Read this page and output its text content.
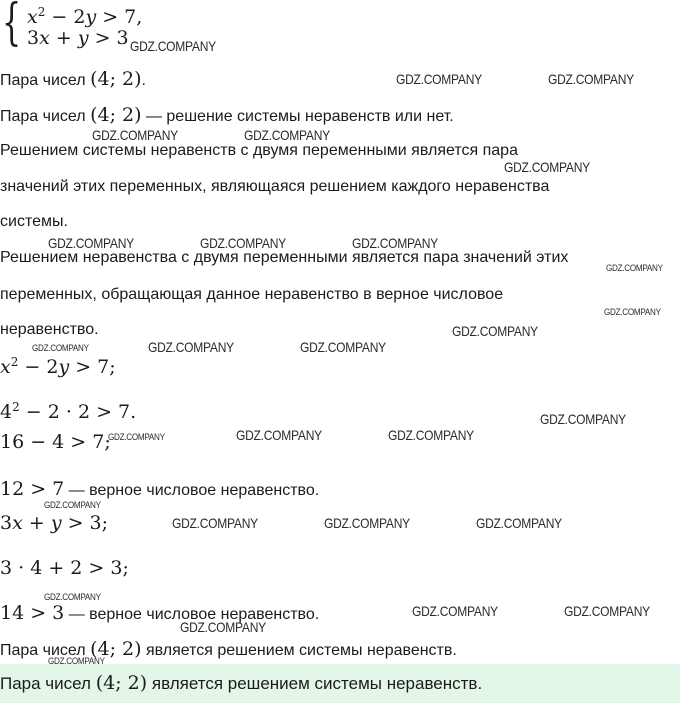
{ $x^2 - 2y > 7$,
3x + y > 3
Пара чисел (4; 2).
Пара чисел (4; 2) — решение системы неравенств или нет.
Решением системы неравенств с двумя переменными является пара
значений этих переменных, являющаяся решением каждого неравенства
системы.
Решением неравенства с двумя переменными является пара значений этих
переменных, обращающая данное неравенство в верное числовое
неравенство.
$x^2 - 2y > 7$;
$4^2 - 2 \cdot 2 > 7$.
16 − 4 > 7;
12 > 7 — верное числовое неравенство.
3x + y > 3;
3 · 4 + 2 > 3;
14 > 3 — верное числовое неравенство.
Пара чисел (4; 2) является решением системы неравенств.
Пара чисел (4; 2) является решением системы неравенств.
GDZ.COMPANY
GDZ.COMPANY	GDZ.COMPANY
GDZ.COMPANY	GDZ.COMPANY
GDZ.COMPANY
GDZ.COMPANY	GDZ.COMPANY	GDZ.COMPANY
GDZ.COMPANY
GDZ.COMPANY
GDZ.COMPANY
GDZ.COMPANY	GDZ.COMPANY	GDZ.COMPANY
GDZ.COMPANY
GDZ.COMPANY	GDZ.COMPANY	GDZ.COMPANY
GDZ.COMPANY
GDZ.COMPANY	GDZ.COMPANY	GDZ.COMPANY
GDZ.COMPANY
GDZ.COMPANY	GDZ.COMPANY
GDZ.COMPANY
GDZ.COMPANY
